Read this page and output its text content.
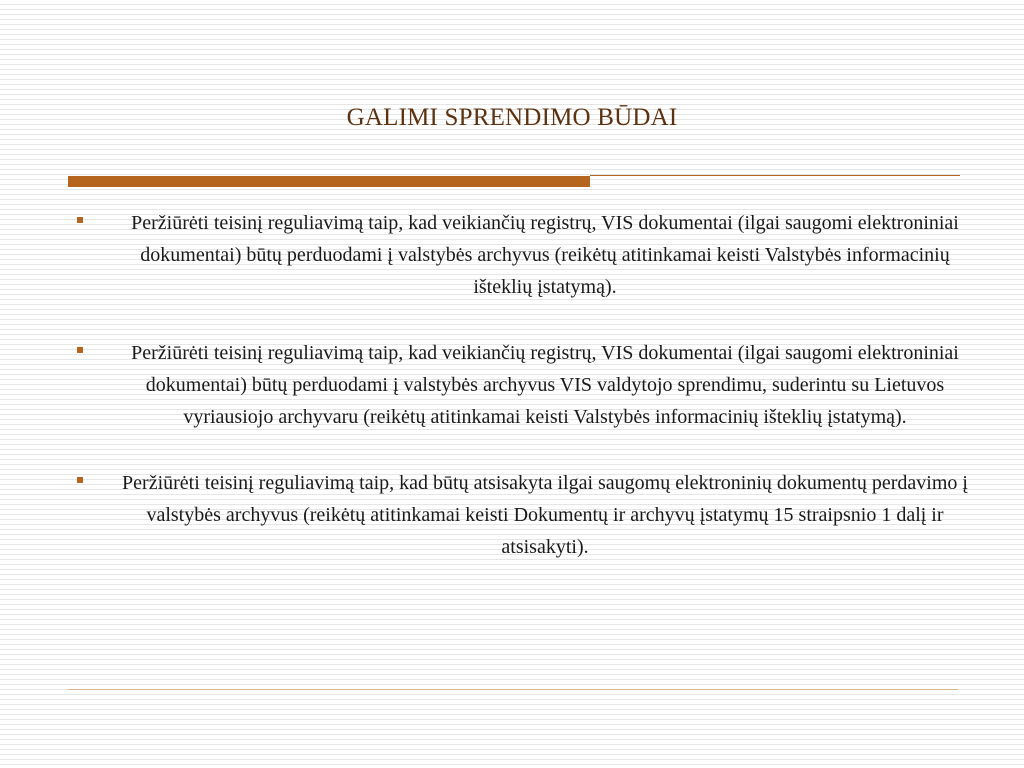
GALIMI SPRENDIMO BŪDAI
Peržiūrėti teisinį reguliavimą taip, kad veikiančių registrų, VIS dokumentai (ilgai saugomi elektroniniai dokumentai) būtų perduodami į valstybės archyvus (reikėtų atitinkamai keisti Valstybės informacinių išteklių įstatymą).
Peržiūrėti teisinį reguliavimą taip, kad veikiančių registrų, VIS dokumentai (ilgai saugomi elektroniniai dokumentai) būtų perduodami į valstybės archyvus VIS valdytojo sprendimu, suderintu su Lietuvos vyriausiojo archyvaru (reikėtų atitinkamai keisti Valstybės informacinių išteklių įstatymą).
Peržiūrėti teisinį reguliavimą taip, kad būtų atsisakyta ilgai saugomų elektroninių dokumentų perdavimo į valstybės archyvus (reikėtų atitinkamai keisti Dokumentų ir archyvų įstatymų 15 straipsnio 1 dalį ir atsisakyti).
